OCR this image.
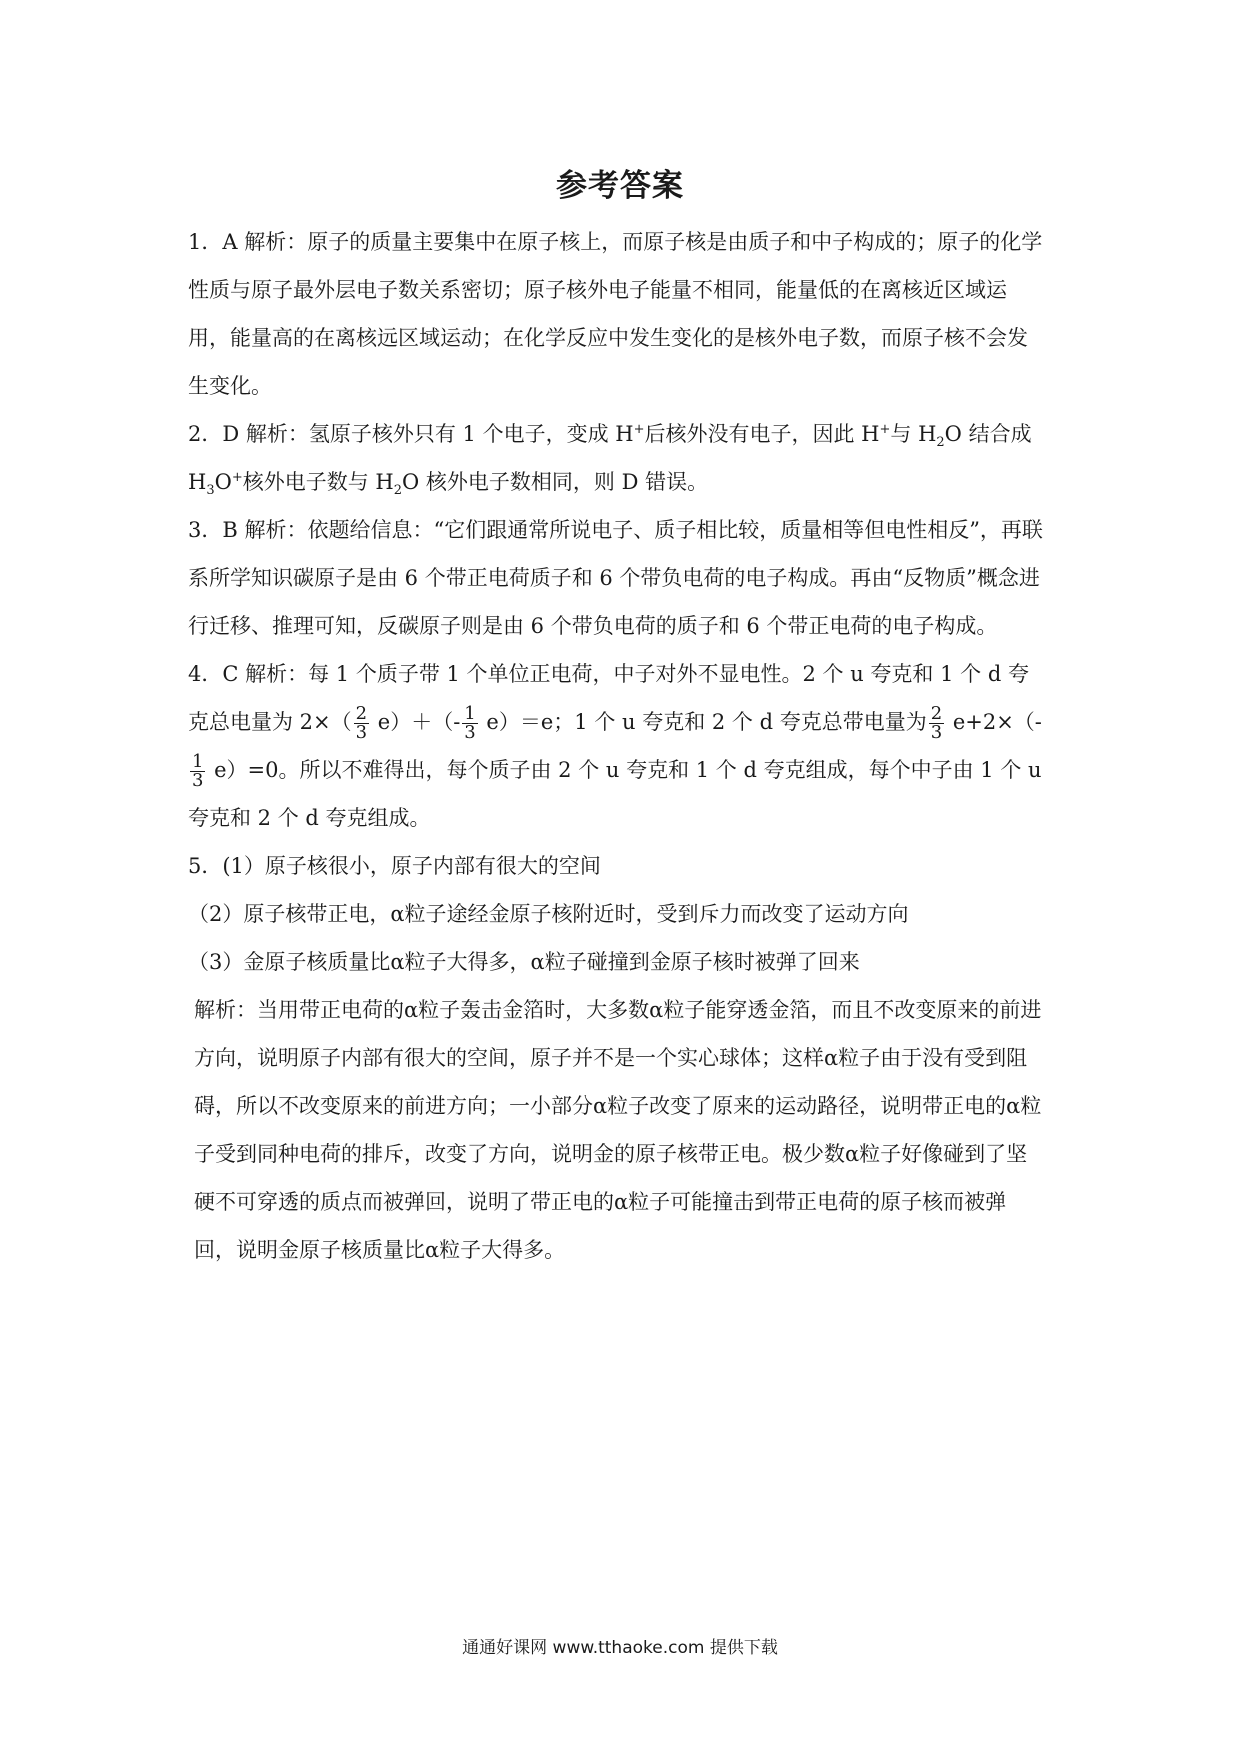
参考答案

1．A 解析：原子的质量主要集中在原子核上，而原子核是由质子和中子构成的；原子的化学性质与原子最外层电子数关系密切；原子核外电子能量不相同，能量低的在离核近区域运用，能量高的在离核远区域运动；在化学反应中发生变化的是核外电子数，而原子核不会发生变化。

2．D 解析：氢原子核外只有 1 个电子，变成 H+后核外没有电子，因此 H+与 $H_2O$ 结合成 $H_3O^+$核外电子数与 $H_2O$ 核外电子数相同，则 D 错误。

3．B 解析：依题给信息：“它们跟通常所说电子、质子相比较，质量相等但电性相反”，再联系所学知识碳原子是由 6 个带正电荷质子和 6 个带负电荷的电子构成。再由“反物质”概念进行迁移、推理可知，反碳原子则是由 6 个带负电荷的质子和 6 个带正电荷的电子构成。

4．C 解析：每 1 个质子带 1 个单位正电荷，中子对外不显电性。2 个 u 夸克和 1 个 d 夸克总电量为 $2\times( \frac{2}{3} e)+(- \frac{1}{3} e)=e$；1 个 u 夸克和 2 个 d 夸克总带电量为 $\frac{2}{3} e+2\times(-$
$\frac{1}{3} e)=0$。所以不难得出，每个质子由 2 个 u 夸克和 1 个 d 夸克组成，每个中子由 1 个 u 夸克和 2 个 d 夸克组成。

5．(1）原子核很小，原子内部有很大的空间

（2）原子核带正电，α粒子途经金原子核附近时，受到斥力而改变了运动方向

（3）金原子核质量比α粒子大得多，α粒子碰撞到金原子核时被弹了回来

解析：当用带正电荷的α粒子轰击金箔时，大多数α粒子能穿透金箔，而且不改变原来的前进方向，说明原子内部有很大的空间，原子并不是一个实心球体；这样α粒子由于没有受到阻碍，所以不改变原来的前进方向；一小部分α粒子改变了原来的运动路径，说明带正电的α粒子受到同种电荷的排斥，改变了方向，说明金的原子核带正电。极少数α粒子好像碰到了坚硬不可穿透的质点而被弹回，说明了带正电的α粒子可能撞击到带正电荷的原子核而被弹回，说明金原子核质量比α粒子大得多。

通通好课网 www.tthaoke.com 提供下载
